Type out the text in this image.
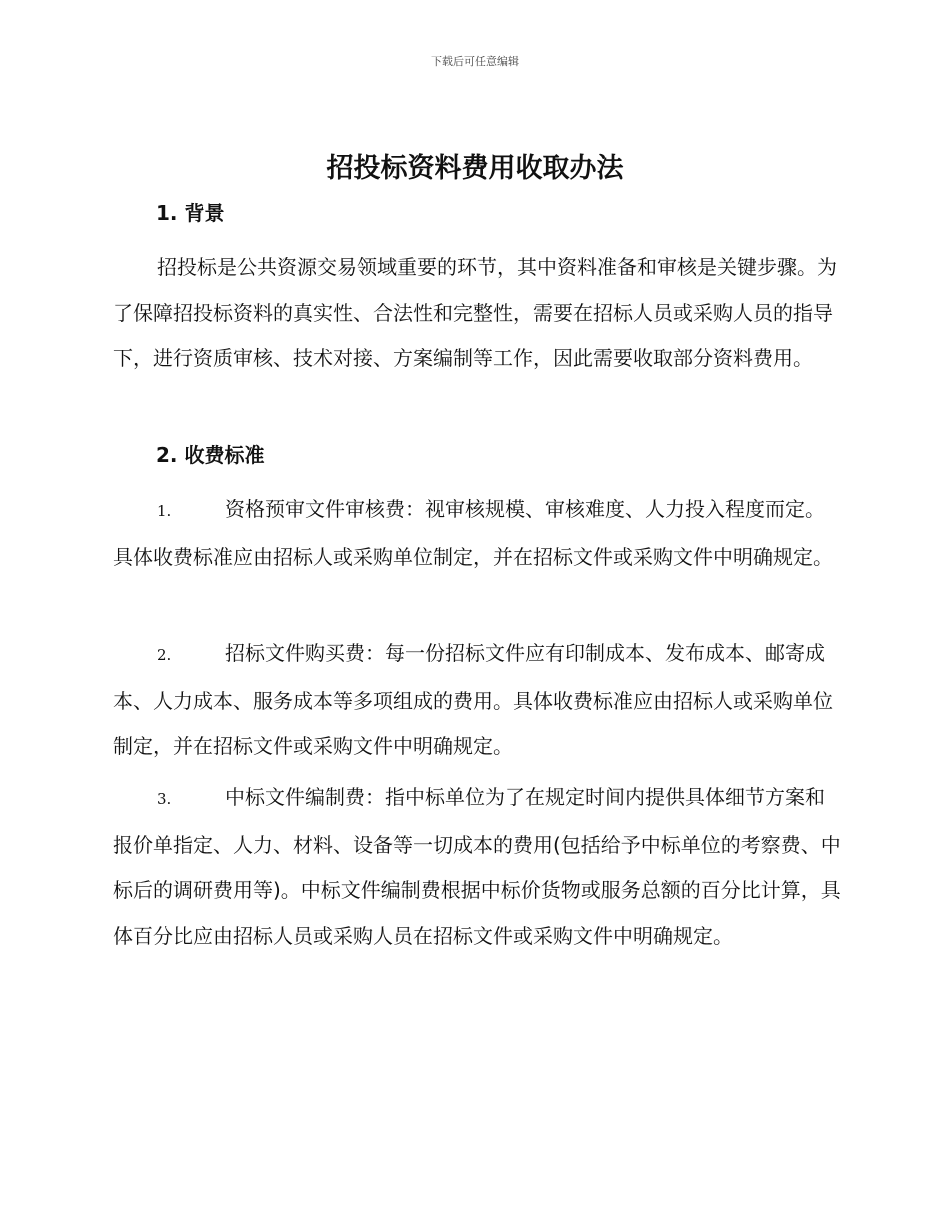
下载后可任意编辑
招投标资料费用收取办法
1. 背景

招投标是公共资源交易领域重要的环节，其中资料准备和审核是关键步骤。为了保障招投标资料的真实性、合法性和完整性，需要在招标人员或采购人员的指导下，进行资质审核、技术对接、方案编制等工作，因此需要收取部分资料费用。

2. 收费标准

1.	资格预审文件审核费：视审核规模、审核难度、人力投入程度而定。具体收费标准应由招标人或采购单位制定，并在招标文件或采购文件中明确规定。

2.	招标文件购买费：每一份招标文件应有印制成本、发布成本、邮寄成本、人力成本、服务成本等多项组成的费用。具体收费标准应由招标人或采购单位制定，并在招标文件或采购文件中明确规定。

3.	中标文件编制费：指中标单位为了在规定时间内提供具体细节方案和报价单指定、人力、材料、设备等一切成本的费用(包括给予中标单位的考察费、中标后的调研费用等)。中标文件编制费根据中标价货物或服务总额的百分比计算，具体百分比应由招标人员或采购人员在招标文件或采购文件中明确规定。
